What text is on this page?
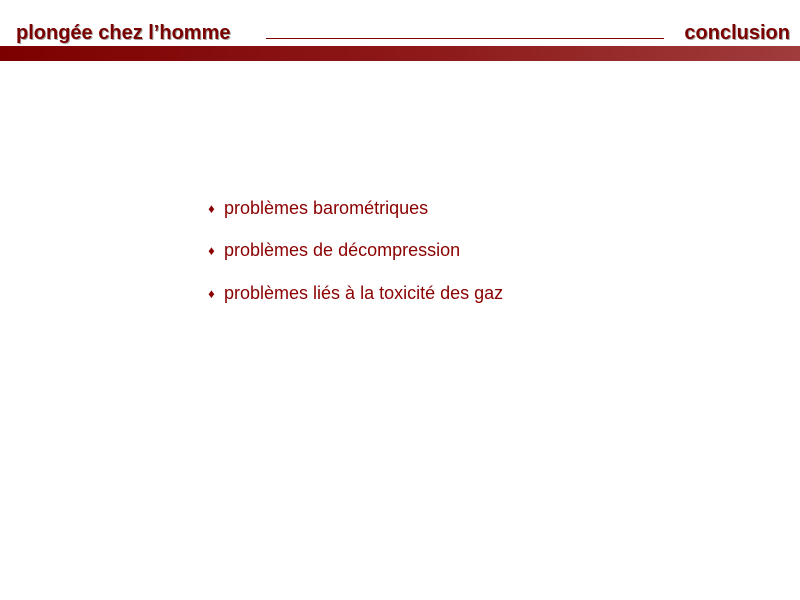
plongée chez l’homme	conclusion
♦ problèmes barométriques
♦ problèmes de décompression
♦ problèmes liés à la toxicité des gaz
